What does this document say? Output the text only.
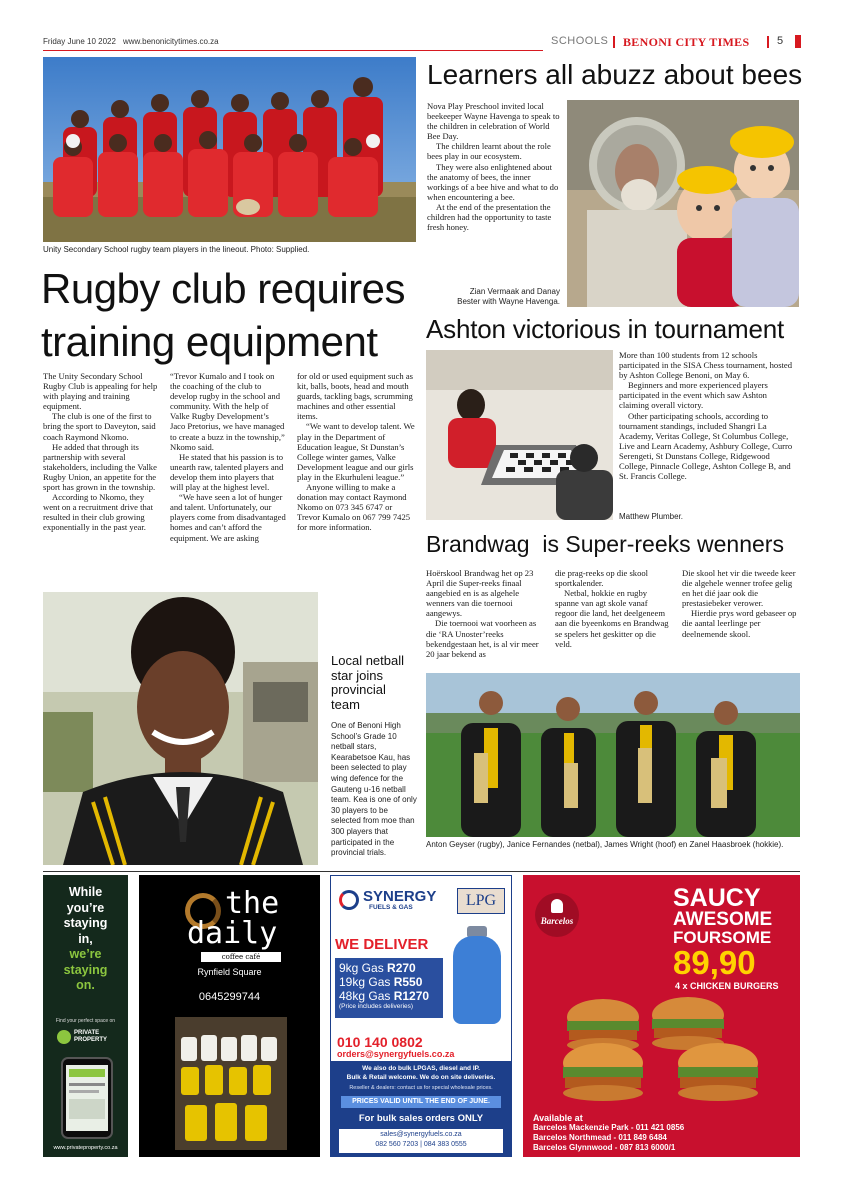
Friday June 10 2022 www.benonicitytimes.co.za	SCHOOLS BENONI CITY TIMES	5
Unity Secondary School rugby team players in the lineout. Photo: Supplied.
Rugby club requires
training equipment

The Unity Secondary School Rugby Club is appealing for help with playing and training equipment.

The club is one of the first to bring the sport to Daveyton, said coach Raymond Nkomo.

He added that through its partnership with several stakeholders, including the Valke Rugby Union, an appetite for the sport has grown in the township.

According to Nkomo, they went on a recruitment drive that resulted in their club growing exponentially in the past year.

“Trevor Kumalo and I took on the coaching of the club to develop rugby in the school and community. With the help of Valke Rugby Development’s Jaco Pretorius, we have managed to create a buzz in the township,” Nkomo said.

He stated that his passion is to unearth raw, talented players and develop them into players that will play at the highest level.

“We have seen a lot of hunger and talent. Unfortunately, our players come from disadvantaged homes and can’t afford the equipment. We are asking

for old or used equipment such as kit, balls, boots, head and mouth guards, tackling bags, scrumming machines and other essential items.

“We want to develop talent. We play in the Department of Education league, St Dunstan’s College winter games, Valke Development league and our girls play in the Ekurhuleni league.”

Anyone willing to make a donation may contact Raymond Nkomo on 073 345 6747 or Trevor Kumalo on 067 799 7425 for more information.

Learners all abuzz about bees

Nova Play Preschool invited local beekeeper Wayne Havenga to speak to the children in celebration of World Bee Day.

The children learnt about the role bees play in our ecosystem.

They were also enlightened about the anatomy of bees, the inner workings of a bee hive and what to do when encountering a bee.

At the end of the presentation the children had the opportunity to taste fresh honey.

Zian Vermaak and Danay
Bester with Wayne Havenga.
Ashton victorious in tournament

More than 100 students from 12 schools participated in the SISA Chess tournament, hosted by Ashton College Benoni, on May 6.

Beginners and more experienced players participated in the event which saw Ashton claiming overall victory.

Other participating schools, according to tournament standings, included Shangri La Academy, Veritas College, St Columbus College, Live and Learn Academy, Ashbury College, Curro Serengeti, St Dunstans College, Ridgewood College, Pinnacle College, Ashton College B, and St. Francis College.

Matthew Plumber.
Brandwag  is Super-reeks wenners

Hoërskool Brandwag het op 23 April die Super-reeks finaal aangebied en is as algehele wenners van die toernooi aangewys.

Die toernooi wat voorheen as die ‘RA Unoster’reeks bekendgestaan het, is al vir meer 20 jaar bekend as

die prag-reeks op die skool sportkalender.

Netbal, hokkie en rugby spanne van agt skole vanaf regoor die land, het deelgeneem aan die byeenkoms en Brandwag se spelers het geskitter op die veld.

Die skool het vir die tweede keer die algehele wenner trofee gelig en het dié jaar ook die prestasiebeker verower.

Hierdie prys word gebaseer op die aantal leerlinge per deelnemende skool.

Anton Geyser (rugby), Janice Fernandes (netbal), James Wright (hoof) en Zanel Haasbroek (hokkie).
Local netball star joins provincial team
One of Benoni High School’s Grade 10 netball stars, Kearabetsoe Kau, has been selected to play wing defence for the Gauteng u-16 netball team. Kea is one of only 30 players to be selected from moe than 300 players that participated in the provincial trials.
While
you’re
staying
in,
we’re
staying
on.
Find your perfect space on
PRIVATE
PROPERTY
www.privateproperty.co.za
the
daily
coffee café
Rynfield Square
0645299744
SYNERGY
FUELS & GAS	LPG
WE DELIVER
9kg Gas R270
19kg Gas R550
48kg Gas R1270
(Price includes deliveries)
010 140 0802
orders@synergyfuels.co.za
We also do bulk LPGAS, diesel and IP.
Bulk & Retail welcome. We do on site deliveries.
Reseller & dealers: contact us for special wholesale prices.
PRICES VALID UNTIL THE END OF JUNE.
For bulk sales orders ONLY
sales@synergyfuels.co.za
082 560 7203 | 084 383 0555
Barcelos
SAUCY
AWESOME
FOURSOME
89,90
4 x CHICKEN BURGERS
Available at
Barcelos Mackenzie Park - 011 421 0856
Barcelos Northmead - 011 849 6484
Barcelos Glynnwood - 087 813 6000/1
